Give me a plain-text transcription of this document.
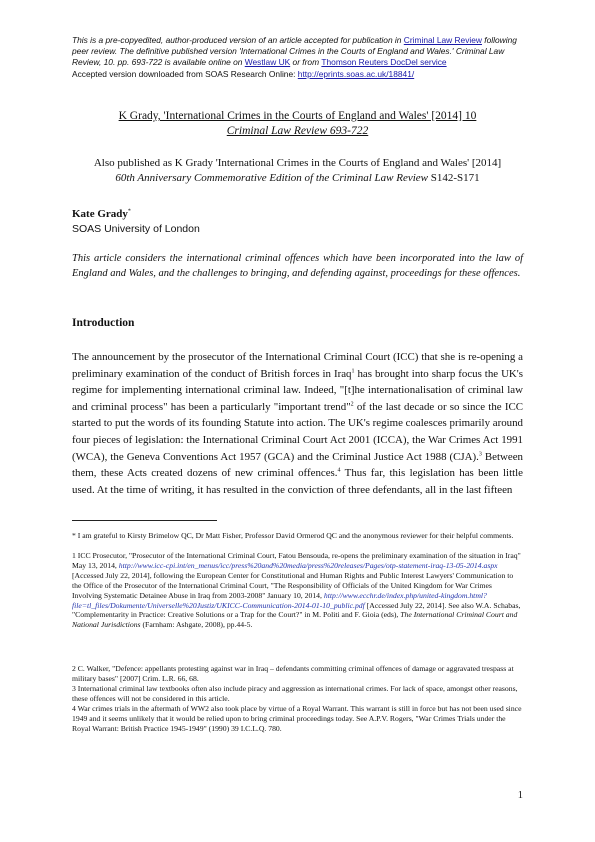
This is a pre-copyedited, author-produced version of an article accepted for publication in Criminal Law Review following peer review. The definitive published version 'International Crimes in the Courts of England and Wales.' Criminal Law Review, 10. pp. 693-722 is available online on Westlaw UK or from Thomson Reuters DocDel service
Accepted version downloaded from SOAS Research Online: http://eprints.soas.ac.uk/18841/
K Grady, 'International Crimes in the Courts of England and Wales' [2014] 10
Criminal Law Review 693-722
Also published as K Grady 'International Crimes in the Courts of England and Wales' [2014]
60th Anniversary Commemorative Edition of the Criminal Law Review S142-S171
Kate Grady*
SOAS University of London
This article considers the international criminal offences which have been incorporated into the law of England and Wales, and the challenges to bringing, and defending against, proceedings for these offences.
Introduction
The announcement by the prosecutor of the International Criminal Court (ICC) that she is re-opening a preliminary examination of the conduct of British forces in Iraq$^1$ has brought into sharp focus the UK's regime for implementing international criminal law. Indeed, "[t]he internationalisation of criminal law and criminal process" has been a particularly "important trend"$^2$ of the last decade or so since the ICC started to put the words of its founding Statute into action. The UK's regime coalesces primarily around four pieces of legislation: the International Criminal Court Act 2001 (ICCA), the War Crimes Act 1991 (WCA), the Geneva Conventions Act 1957 (GCA) and the Criminal Justice Act 1988 (CJA).$^3$ Between them, these Acts created dozens of new criminal offences.$^4$ Thus far, this legislation has been little used. At the time of writing, it has resulted in the conviction of three defendants, all in the last fifteen
* I am grateful to Kirsty Brimelow QC, Dr Matt Fisher, Professor David Ormerod QC and the anonymous reviewer for their helpful comments.
1 ICC Prosecutor, "Prosecutor of the International Criminal Court, Fatou Bensouda, re-opens the preliminary examination of the situation in Iraq" May 13, 2014, http://www.icc-cpi.int/en_menus/icc/press%20and%20media/press%20releases/Pages/otp-statement-iraq-13-05-2014.aspx [Accessed July 22, 2014], following the European Center for Constitutional and Human Rights and Public Interest Lawyers' Communication to the Office of the Prosecutor of the International Criminal Court, "The Responsibility of Officials of the United Kingdom for War Crimes Involving Systematic Detainee Abuse in Iraq from 2003-2008" January 10, 2014, http://www.ecchr.de/index.php/united-kingdom.html?file=tl_files/Dokumente/Universelle%20Justiz/UKICC-Communication-2014-01-10_public.pdf [Accessed July 22, 2014]. See also W.A. Schabas, "Complementarity in Practice: Creative Solutions or a Trap for the Court?" in M. Politi and F. Gioia (eds), The International Criminal Court and National Jurisdictions (Farnham: Ashgate, 2008), pp.44-5.
2 C. Walker, "Defence: appellants protesting against war in Iraq – defendants committing criminal offences of damage or aggravated trespass at military bases" [2007] Crim. L.R. 66, 68.
3 International criminal law textbooks often also include piracy and aggression as international crimes. For lack of space, amongst other reasons, these offences will not be considered in this article.
4 War crimes trials in the aftermath of WW2 also took place by virtue of a Royal Warrant. This warrant is still in force but has not been used since 1949 and it seems unlikely that it would be relied upon to bring criminal proceedings today. See A.P.V. Rogers, "War Crimes Trials under the Royal Warrant: British Practice 1945-1949" (1990) 39 I.C.L.Q. 780.
1
